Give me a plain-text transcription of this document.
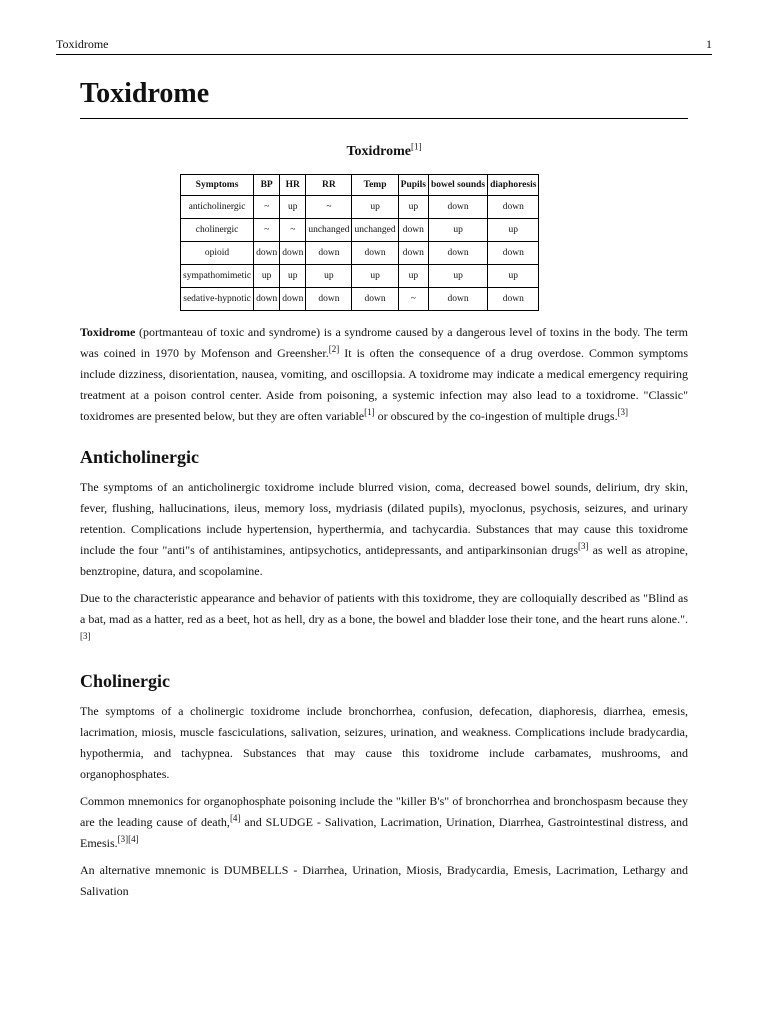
Toxidrome	1
Toxidrome
Toxidrome[1]
Symptoms	BP	HR	RR	Temp	Pupils	bowel sounds	diaphoresis
anticholinergic	~	up	~	up	up	down	down
cholinergic	~	~	unchanged	unchanged	down	up	up
opioid	down	down	down	down	down	down	down
sympathomimetic	up	up	up	up	up	up	up
sedative-hypnotic	down	down	down	down	~	down	down

Toxidrome (portmanteau of toxic and syndrome) is a syndrome caused by a dangerous level of toxins in the body. The term was coined in 1970 by Mofenson and Greensher.[2] It is often the consequence of a drug overdose. Common symptoms include dizziness, disorientation, nausea, vomiting, and oscillopsia. A toxidrome may indicate a medical emergency requiring treatment at a poison control center. Aside from poisoning, a systemic infection may also lead to a toxidrome. "Classic" toxidromes are presented below, but they are often variable[1] or obscured by the co-ingestion of multiple drugs.[3]

Anticholinergic

The symptoms of an anticholinergic toxidrome include blurred vision, coma, decreased bowel sounds, delirium, dry skin, fever, flushing, hallucinations, ileus, memory loss, mydriasis (dilated pupils), myoclonus, psychosis, seizures, and urinary retention. Complications include hypertension, hyperthermia, and tachycardia. Substances that may cause this toxidrome include the four "anti"s of antihistamines, antipsychotics, antidepressants, and antiparkinsonian drugs[3] as well as atropine, benztropine, datura, and scopolamine.

Due to the characteristic appearance and behavior of patients with this toxidrome, they are colloquially described as "Blind as a bat, mad as a hatter, red as a beet, hot as hell, dry as a bone, the bowel and bladder lose their tone, and the heart runs alone.".[3]

Cholinergic

The symptoms of a cholinergic toxidrome include bronchorrhea, confusion, defecation, diaphoresis, diarrhea, emesis, lacrimation, miosis, muscle fasciculations, salivation, seizures, urination, and weakness. Complications include bradycardia, hypothermia, and tachypnea. Substances that may cause this toxidrome include carbamates, mushrooms, and organophosphates.

Common mnemonics for organophosphate poisoning include the "killer B's" of bronchorrhea and bronchospasm because they are the leading cause of death,[4] and SLUDGE - Salivation, Lacrimation, Urination, Diarrhea, Gastrointestinal distress, and Emesis.[3][4]

An alternative mnemonic is DUMBELLS - Diarrhea, Urination, Miosis, Bradycardia, Emesis, Lacrimation, Lethargy and Salivation
